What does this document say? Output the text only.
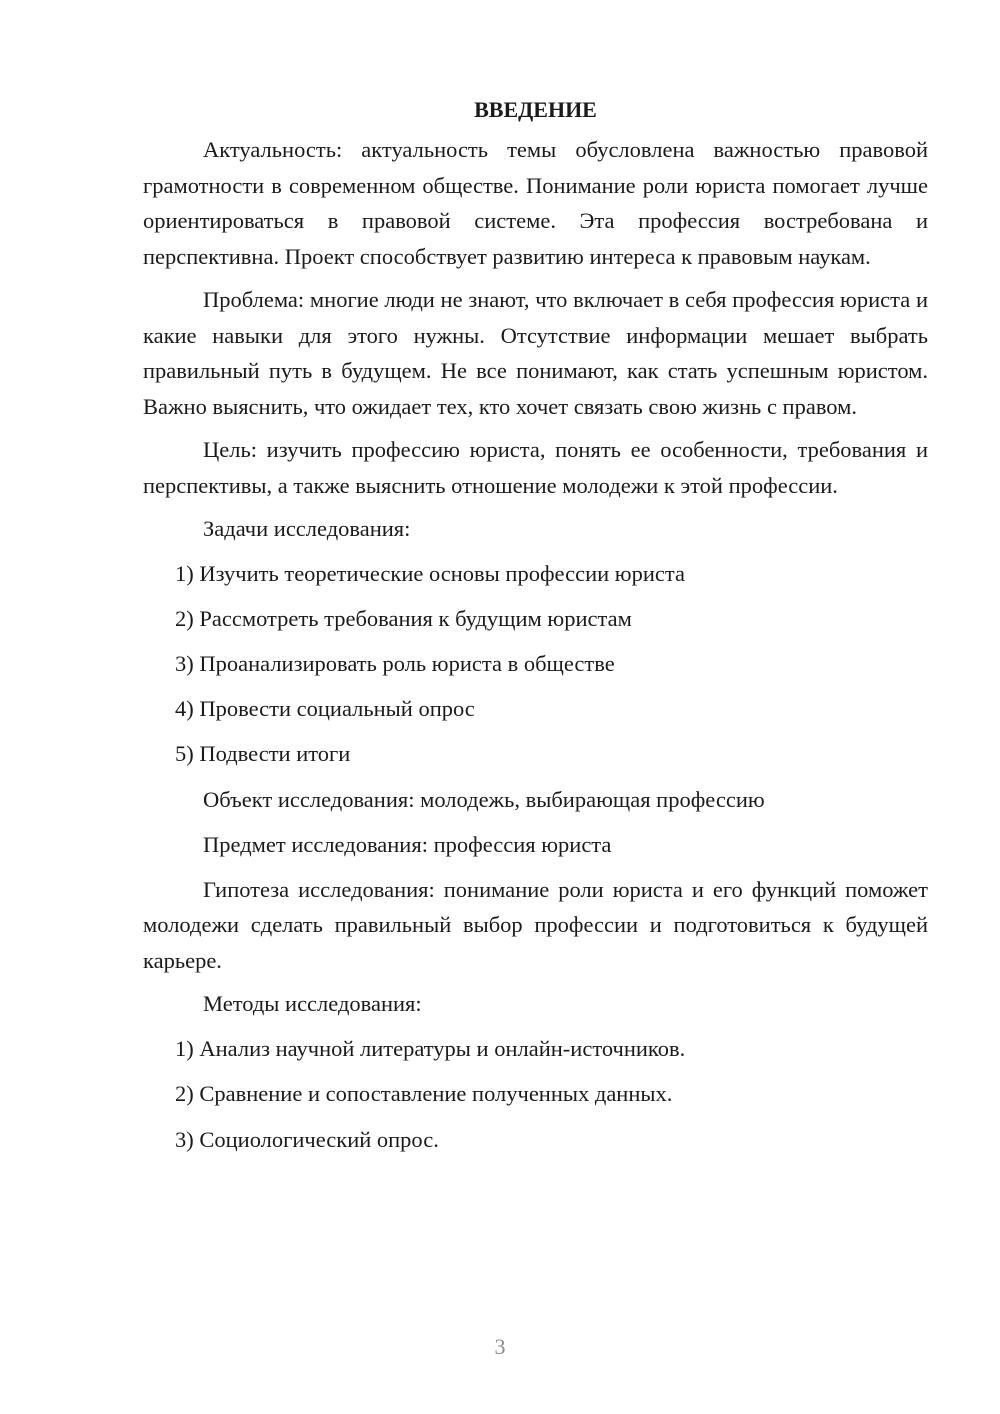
ВВЕДЕНИЕ

Актуальность: актуальность темы обусловлена важностью правовой грамотности в современном обществе. Понимание роли юриста помогает лучше ориентироваться в правовой системе. Эта профессия востребована и перспективна. Проект способствует развитию интереса к правовым наукам.

Проблема: многие люди не знают, что включает в себя профессия юриста и какие навыки для этого нужны. Отсутствие информации мешает выбрать правильный путь в будущем. Не все понимают, как стать успешным юристом. Важно выяснить, что ожидает тех, кто хочет связать свою жизнь с правом.

Цель: изучить профессию юриста, понять ее особенности, требования и перспективы, а также выяснить отношение молодежи к этой профессии.

Задачи исследования:

1) Изучить теоретические основы профессии юриста

2) Рассмотреть требования к будущим юристам

3) Проанализировать роль юриста в обществе

4) Провести социальный опрос

5) Подвести итоги

Объект исследования: молодежь, выбирающая профессию

Предмет исследования: профессия юриста

Гипотеза исследования: понимание роли юриста и его функций поможет молодежи сделать правильный выбор профессии и подготовиться к будущей карьере.

Методы исследования:

1) Анализ научной литературы и онлайн-источников.

2) Сравнение и сопоставление полученных данных.

3) Социологический опрос.

3
